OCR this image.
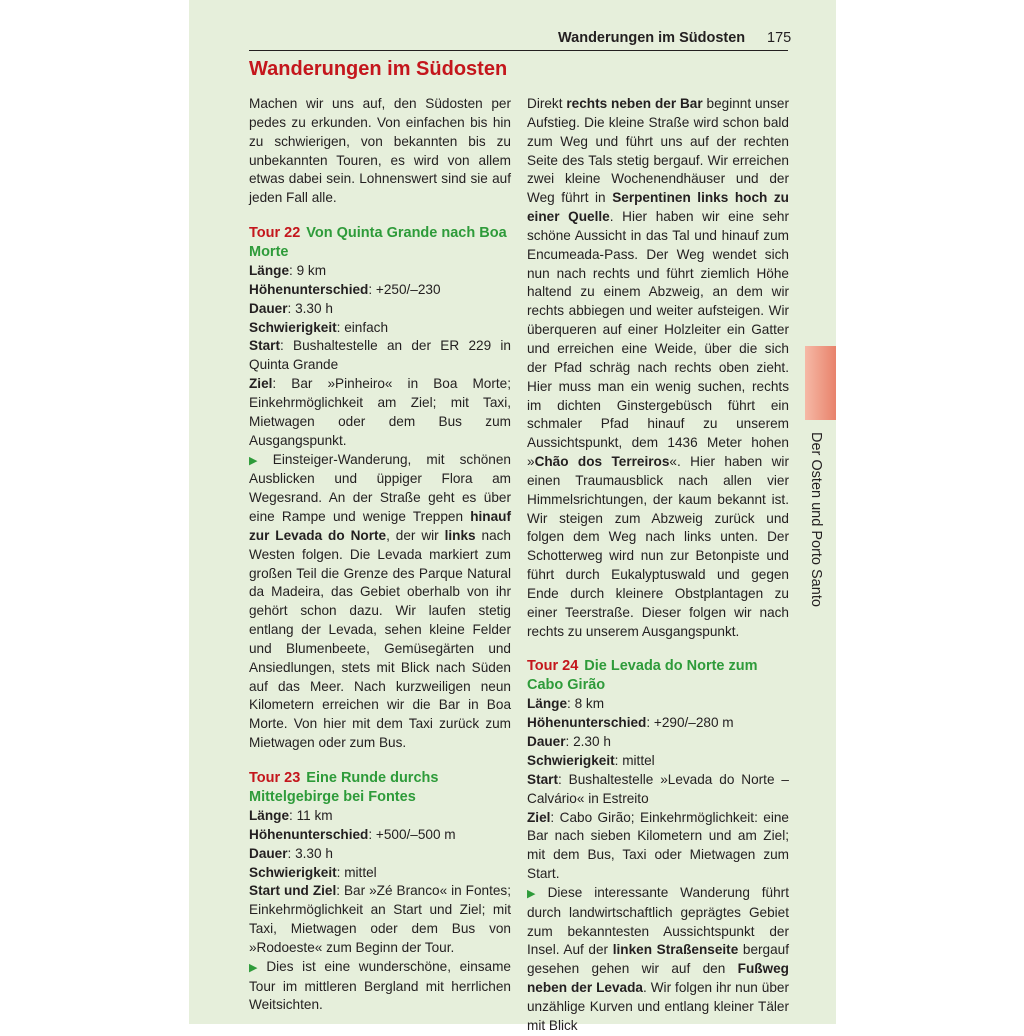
Wanderungen im Südosten 175
Wanderungen im Südosten

Machen wir uns auf, den Südosten per pedes zu erkunden. Von einfachen bis hin zu schwierigen, von bekannten bis zu unbekannten Touren, es wird von allem etwas dabei sein. Lohnenswert sind sie auf jeden Fall alle.

Tour 22 Von Quinta Grande nach Boa Morte

Länge: 9 km

Höhenunterschied: +250/–230

Dauer: 3.30 h

Schwierigkeit: einfach

Start: Bushaltestelle an der ER 229 in Quinta Grande

Ziel: Bar »Pinheiro« in Boa Morte; Einkehrmöglichkeit am Ziel; mit Taxi, Mietwagen oder dem Bus zum Ausgangspunkt.

▶ Einsteiger-Wanderung, mit schönen Ausblicken und üppiger Flora am Wegesrand. An der Straße geht es über eine Rampe und wenige Treppen hinauf zur Levada do Norte, der wir links nach Westen folgen. Die Levada markiert zum großen Teil die Grenze des Parque Natural da Madeira, das Gebiet oberhalb von ihr gehört schon dazu. Wir laufen stetig entlang der Levada, sehen kleine Felder und Blumenbeete, Gemüsegärten und Ansiedlungen, stets mit Blick nach Süden auf das Meer. Nach kurzweiligen neun Kilometern erreichen wir die Bar in Boa Morte. Von hier mit dem Taxi zurück zum Mietwagen oder zum Bus.

Tour 23 Eine Runde durchs Mittelgebirge bei Fontes

Länge: 11 km

Höhenunterschied: +500/–500 m

Dauer: 3.30 h

Schwierigkeit: mittel

Start und Ziel: Bar »Zé Branco« in Fontes; Einkehrmöglichkeit an Start und Ziel; mit Taxi, Mietwagen oder dem Bus von »Rodoeste« zum Beginn der Tour.

▶ Dies ist eine wunderschöne, einsame Tour im mittleren Bergland mit herrlichen Weitsichten.

Direkt rechts neben der Bar beginnt unser Aufstieg. Die kleine Straße wird schon bald zum Weg und führt uns auf der rechten Seite des Tals stetig bergauf. Wir erreichen zwei kleine Wochenendhäuser und der Weg führt in Serpentinen links hoch zu einer Quelle. Hier haben wir eine sehr schöne Aussicht in das Tal und hinauf zum Encumeada-Pass. Der Weg wendet sich nun nach rechts und führt ziemlich Höhe haltend zu einem Abzweig, an dem wir rechts abbiegen und weiter aufsteigen. Wir überqueren auf einer Holzleiter ein Gatter und erreichen eine Weide, über die sich der Pfad schräg nach rechts oben zieht. Hier muss man ein wenig suchen, rechts im dichten Ginstergebüsch führt ein schmaler Pfad hinauf zu unserem Aussichtspunkt, dem 1436 Meter hohen »Chão dos Terreiros«. Hier haben wir einen Traumausblick nach allen vier Himmelsrichtungen, der kaum bekannt ist. Wir steigen zum Abzweig zurück und folgen dem Weg nach links unten. Der Schotterweg wird nun zur Betonpiste und führt durch Eukalyptuswald und gegen Ende durch kleinere Obstplantagen zu einer Teerstraße. Dieser folgen wir nach rechts zu unserem Ausgangspunkt.

Tour 24 Die Levada do Norte zum Cabo Girão

Länge: 8 km

Höhenunterschied: +290/–280 m

Dauer: 2.30 h

Schwierigkeit: mittel

Start: Bushaltestelle »Levada do Norte – Calvário« in Estreito

Ziel: Cabo Girão; Einkehrmöglichkeit: eine Bar nach sieben Kilometern und am Ziel; mit dem Bus, Taxi oder Mietwagen zum Start.

▶ Diese interessante Wanderung führt durch landwirtschaftlich geprägtes Gebiet zum bekanntesten Aussichtspunkt der Insel. Auf der linken Straßenseite bergauf gesehen gehen wir auf den Fußweg neben der Levada. Wir folgen ihr nun über unzählige Kurven und entlang kleiner Täler mit Blick

Der Osten und Porto Santo
